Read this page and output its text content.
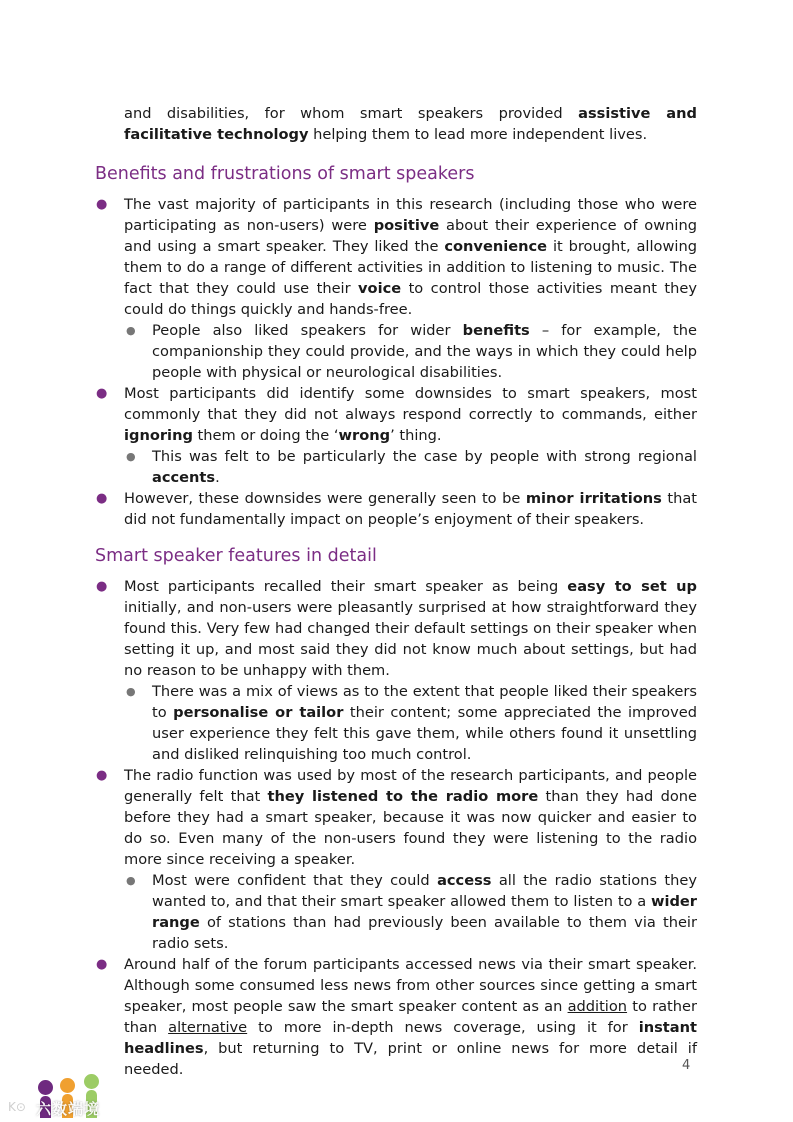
and disabilities, for whom smart speakers provided assistive and facilitative technology helping them to lead more independent lives.

Benefits and frustrations of smart speakers
● The vast majority of participants in this research (including those who were participating as non-users) were positive about their experience of owning and using a smart speaker. They liked the convenience it brought, allowing them to do a range of different activities in addition to listening to music. The fact that they could use their voice to control those activities meant they could do things quickly and hands-free.
● People also liked speakers for wider benefits – for example, the companionship they could provide, and the ways in which they could help people with physical or neurological disabilities.
● Most participants did identify some downsides to smart speakers, most commonly that they did not always respond correctly to commands, either ignoring them or doing the ‘wrong’ thing.
● This was felt to be particularly the case by people with strong regional accents.
● However, these downsides were generally seen to be minor irritations that did not fundamentally impact on people’s enjoyment of their speakers.
Smart speaker features in detail
● Most participants recalled their smart speaker as being easy to set up initially, and non-users were pleasantly surprised at how straightforward they found this. Very few had changed their default settings on their speaker when setting it up, and most said they did not know much about settings, but had no reason to be unhappy with them.
● There was a mix of views as to the extent that people liked their speakers to personalise or tailor their content; some appreciated the improved user experience they felt this gave them, while others found it unsettling and disliked relinquishing too much control.
● The radio function was used by most of the research participants, and people generally felt that they listened to the radio more than they had done before they had a smart speaker, because it was now quicker and easier to do so. Even many of the non-users found they were listening to the radio more since receiving a speaker.
● Most were confident that they could access all the radio stations they wanted to, and that their smart speaker allowed them to listen to a wider range of stations than had previously been available to them via their radio sets.
● Around half of the forum participants accessed news via their smart speaker. Although some consumed less news from other sources since getting a smart speaker, most people saw the smart speaker content as an addition to rather than alternative to more in-depth news coverage, using it for instant headlines, but returning to TV, print or online news for more detail if needed.	4
K⊙ 六数端境
